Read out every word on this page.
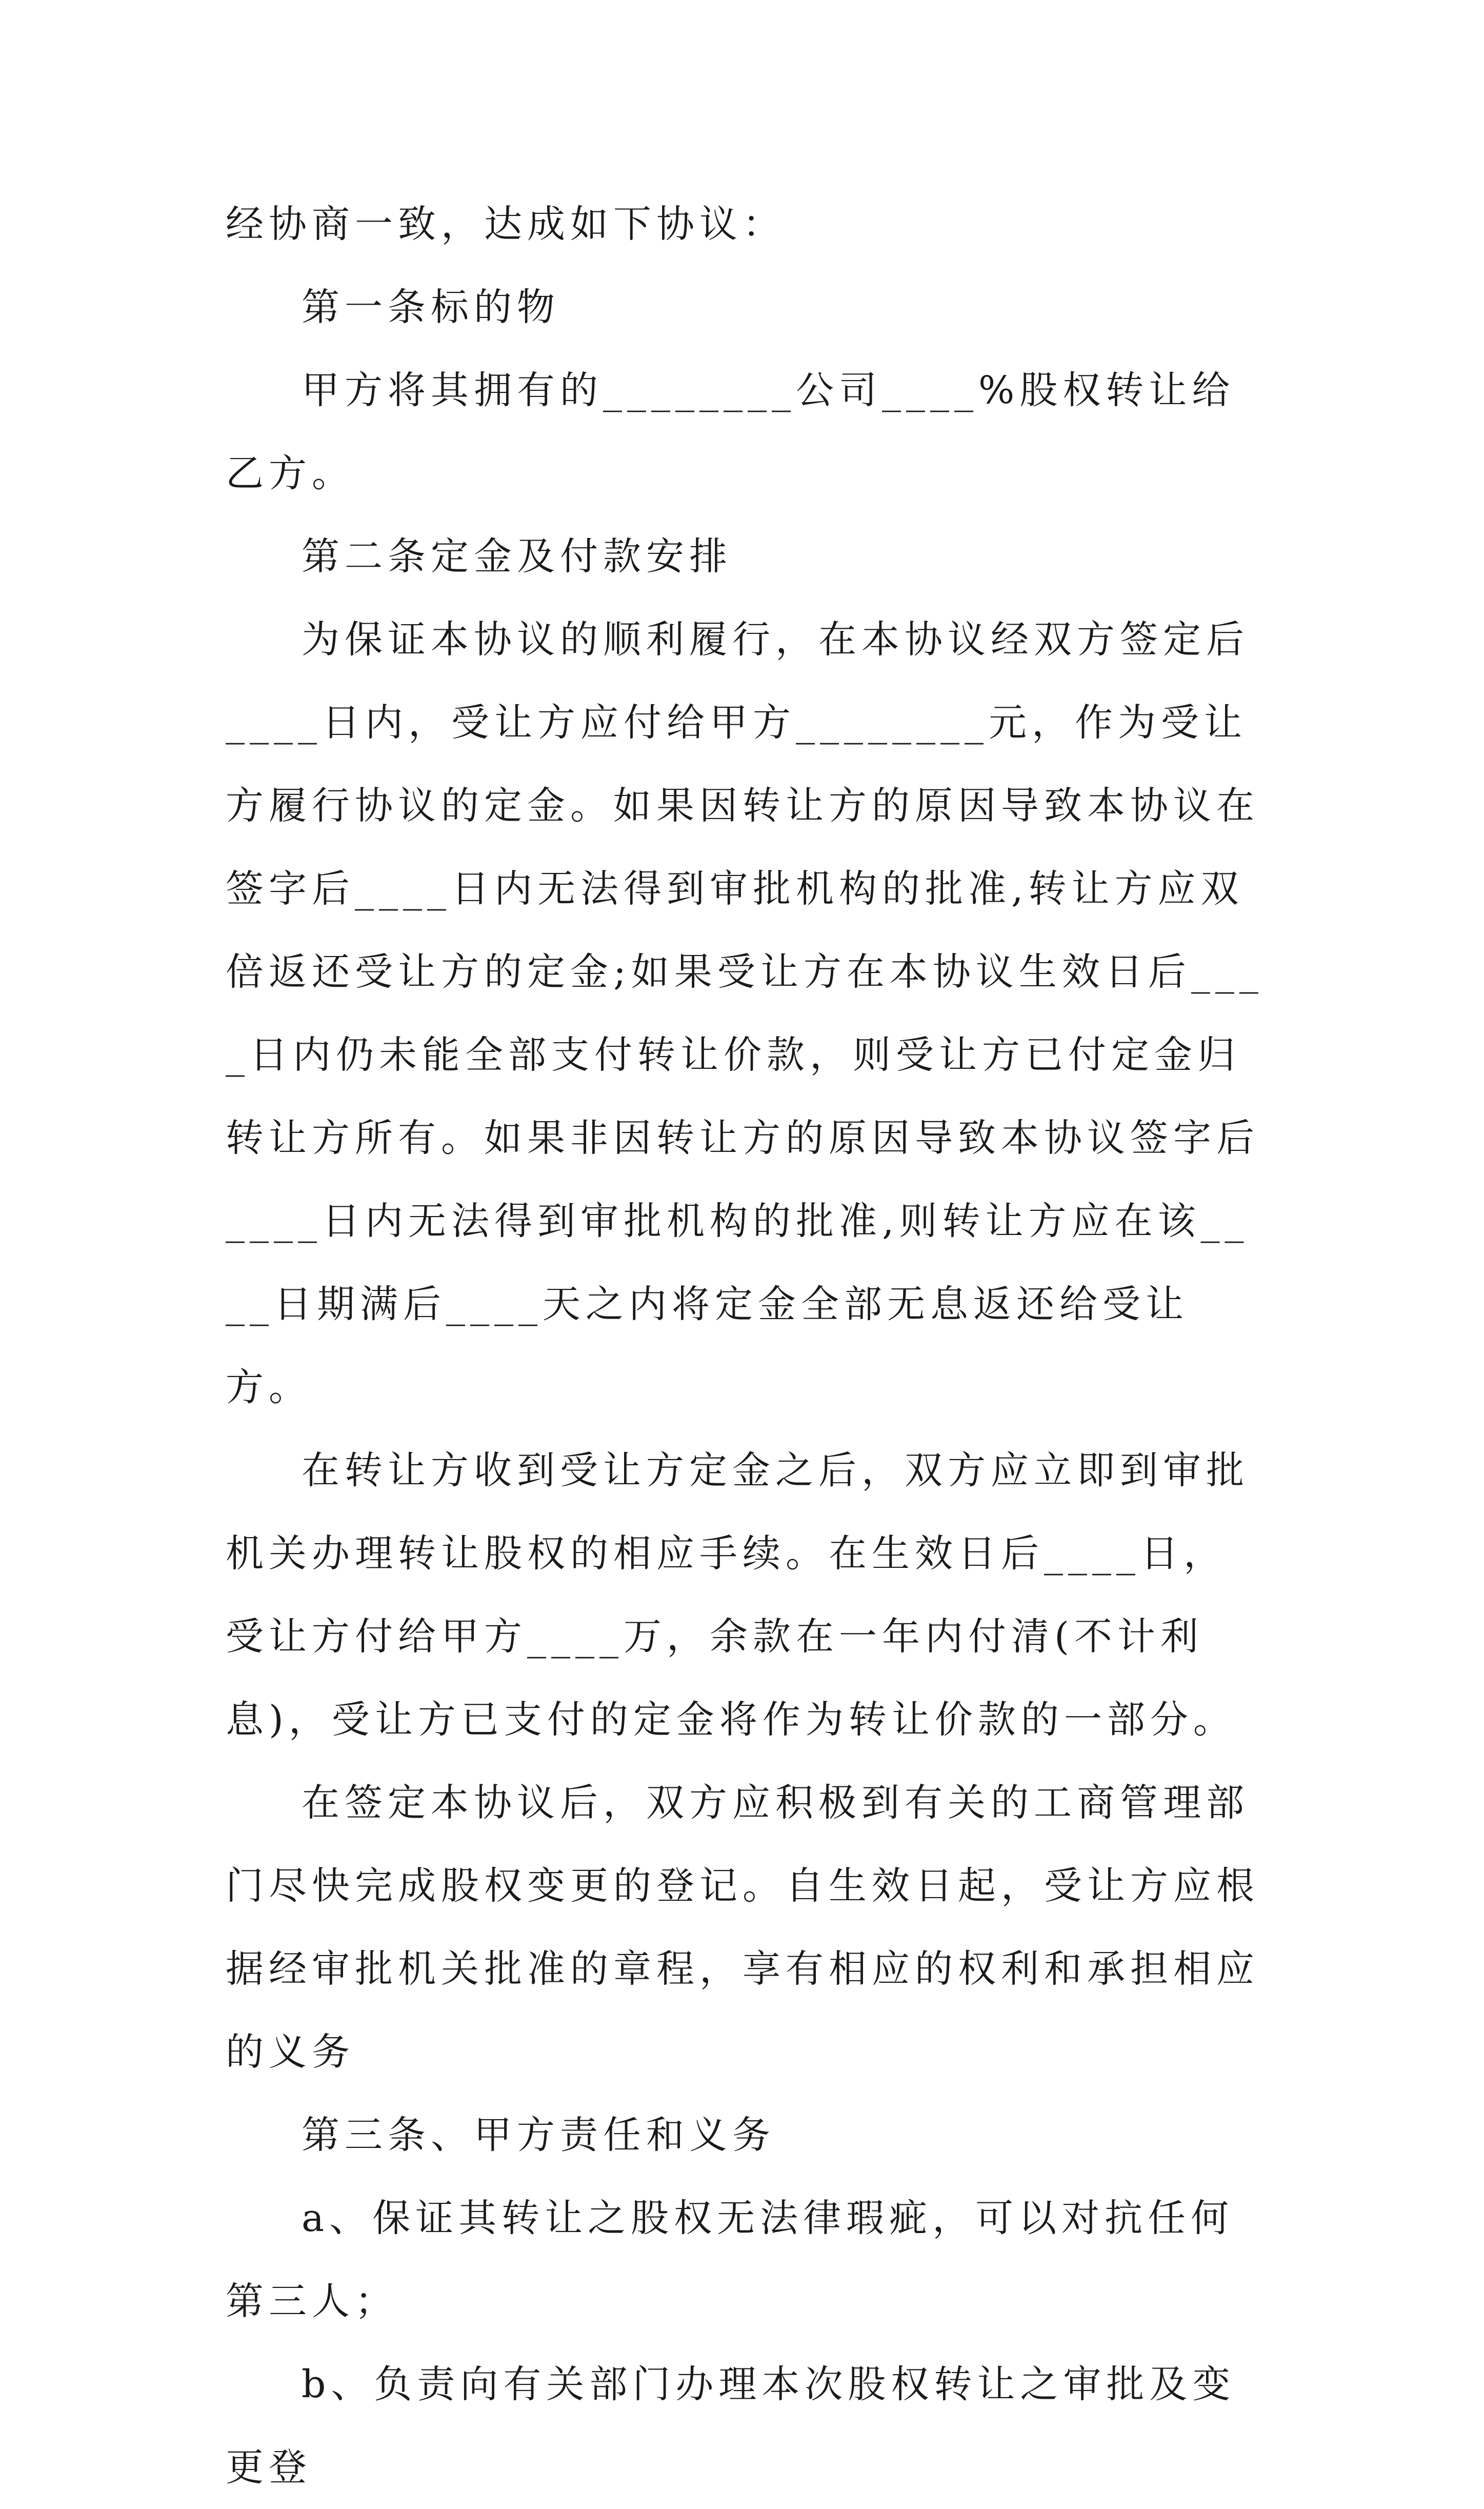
经协商一致，达成如下协议：

第一条标的物

甲方将其拥有的________公司____%股权转让给乙方。

第二条定金及付款安排

为保证本协议的顺利履行，在本协议经双方签定后____日内，受让方应付给甲方________元，作为受让方履行协议的定金。如果因转让方的原因导致本协议在签字后____日内无法得到审批机构的批准,转让方应双倍返还受让方的定金;如果受让方在本协议生效日后____日内仍未能全部支付转让价款，则受让方已付定金归转让方所有。如果非因转让方的原因导致本协议签字后____日内无法得到审批机构的批准,则转让方应在该____日期满后____天之内将定金全部无息返还给受让方。

在转让方收到受让方定金之后，双方应立即到审批机关办理转让股权的相应手续。在生效日后____日，受让方付给甲方____万，余款在一年内付清(不计利息)，受让方已支付的定金将作为转让价款的一部分。

在签定本协议后，双方应积极到有关的工商管理部门尽快完成股权变更的登记。自生效日起，受让方应根据经审批机关批准的章程，享有相应的权利和承担相应的义务

第三条、甲方责任和义务

a、保证其转让之股权无法律瑕疵，可以对抗任何第三人；

b、负责向有关部门办理本次股权转让之审批及变更登
